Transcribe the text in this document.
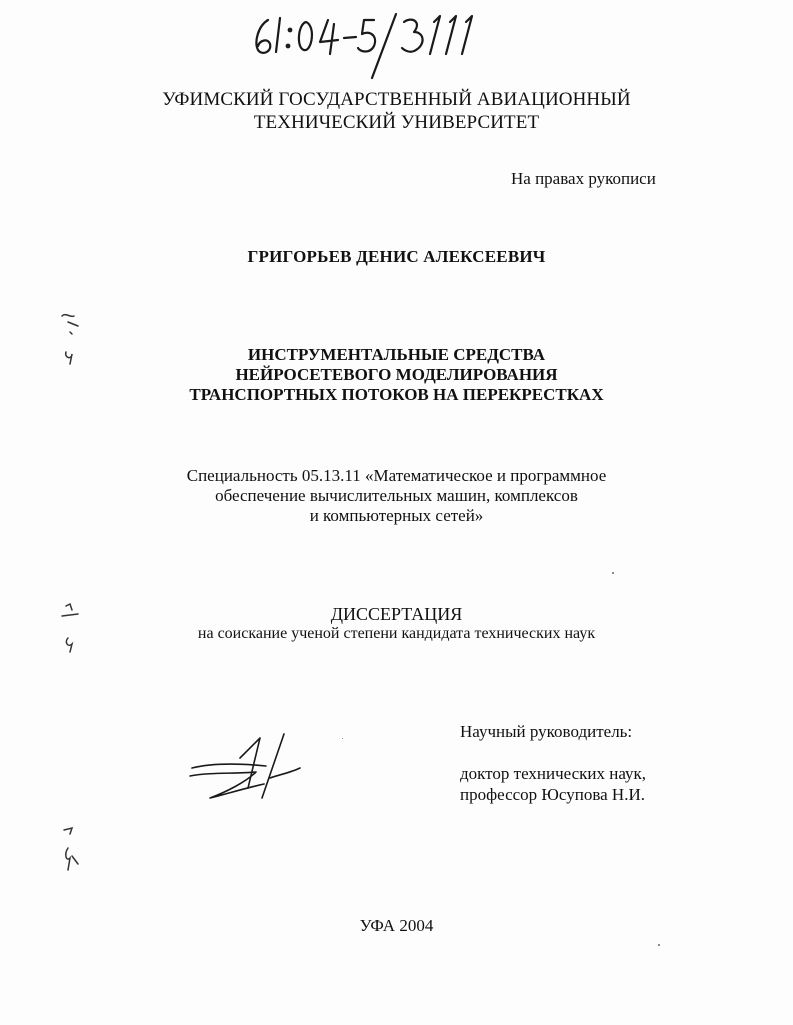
УФИМСКИЙ ГОСУДАРСТВЕННЫЙ АВИАЦИОННЫЙ
ТЕХНИЧЕСКИЙ УНИВЕРСИТЕТ
На правах рукописи
ГРИГОРЬЕВ ДЕНИС АЛЕКСЕЕВИЧ
ИНСТРУМЕНТАЛЬНЫЕ СРЕДСТВА
НЕЙРОСЕТЕВОГО МОДЕЛИРОВАНИЯ
ТРАНСПОРТНЫХ ПОТОКОВ НА ПЕРЕКРЕСТКАХ
Специальность 05.13.11 «Математическое и программное
обеспечение вычислительных машин, комплексов
и компьютерных сетей»
ДИССЕРТАЦИЯ
на соискание ученой степени кандидата технических наук
Научный руководитель:
доктор технических наук,
профессор Юсупова Н.И.
УФА 2004
